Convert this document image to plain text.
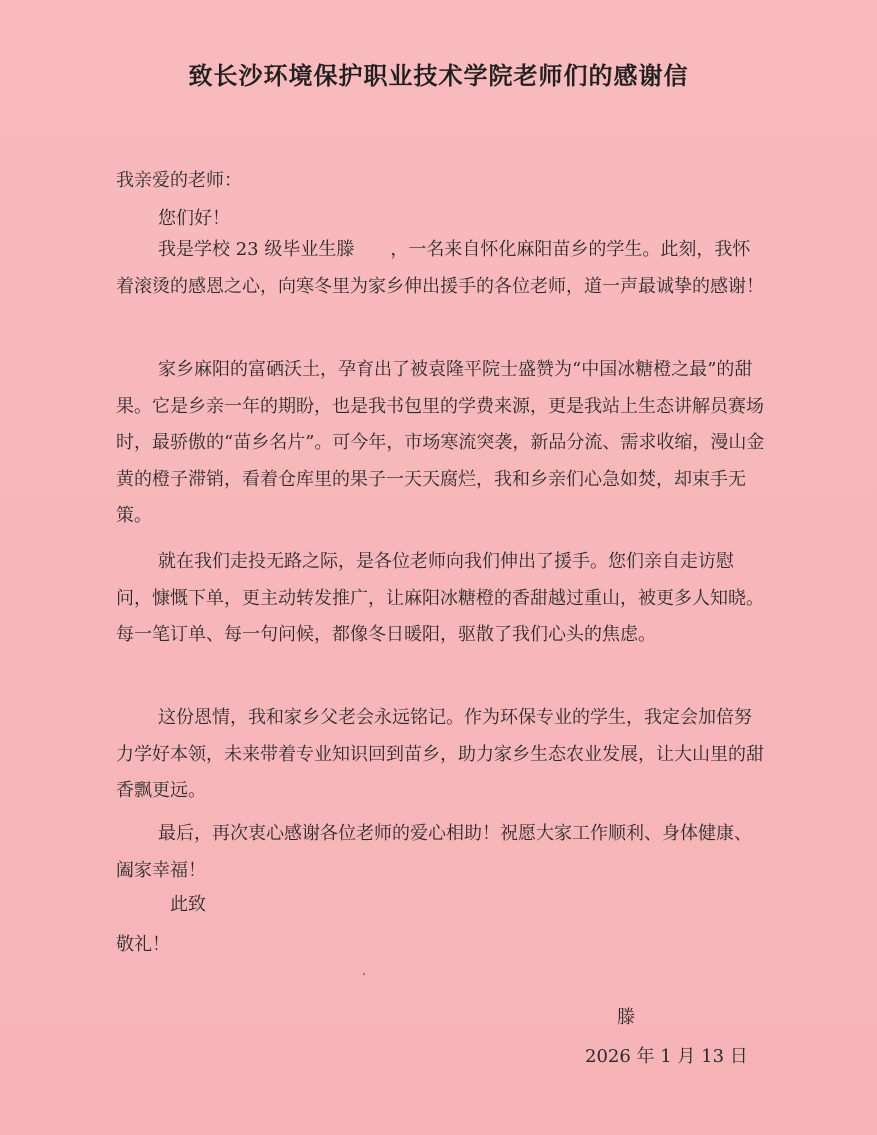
致长沙环境保护职业技术学院老师们的感谢信
我亲爱的老师：
您们好！

我是学校 23 级毕业生滕　　，一名来自怀化麻阳苗乡的学生。此刻，我怀着滚烫的感恩之心，向寒冬里为家乡伸出援手的各位老师，道一声最诚挚的感谢！

家乡麻阳的富硒沃土，孕育出了被袁隆平院士盛赞为“中国冰糖橙之最”的甜果。它是乡亲一年的期盼，也是我书包里的学费来源，更是我站上生态讲解员赛场时，最骄傲的“苗乡名片”。可今年，市场寒流突袭，新品分流、需求收缩，漫山金黄的橙子滞销，看着仓库里的果子一天天腐烂，我和乡亲们心急如焚，却束手无策。

就在我们走投无路之际，是各位老师向我们伸出了援手。您们亲自走访慰问，慷慨下单，更主动转发推广，让麻阳冰糖橙的香甜越过重山，被更多人知晓。每一笔订单、每一句问候，都像冬日暖阳，驱散了我们心头的焦虑。

这份恩情，我和家乡父老会永远铭记。作为环保专业的学生，我定会加倍努力学好本领，未来带着专业知识回到苗乡，助力家乡生态农业发展，让大山里的甜香飘更远。

最后，再次衷心感谢各位老师的爱心相助！祝愿大家工作顺利、身体健康、阖家幸福！

此致
敬礼！
滕
2026 年 1 月 13 日
